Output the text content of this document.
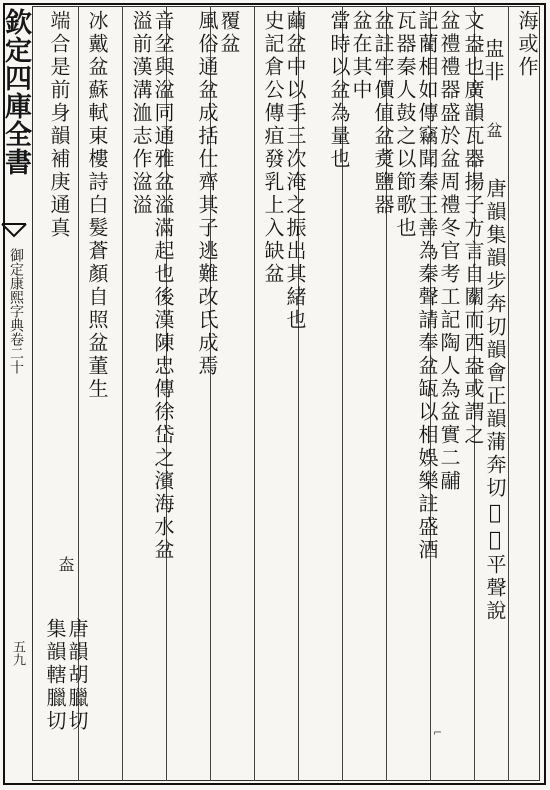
欽定四庫全書
御定康熙字典卷二十
五九
海或作
盅非
唐韻集韻步奔切韻會正韻蒲奔切𡘜𡧍平聲說
文盎也廣韻瓦器揚子方言自關而西盎或謂之 盆
盆禮禮器盛於盆周禮冬官考工記陶人為盆實二鬴
記藺相如傳竊聞秦王善為秦聲請奉盆缻以相娛樂註盛酒
瓦器秦人鼓之以節歌也
盆註牢價值盆煑鹽器
盆在其中
當時以盆為量也
繭盆中以手三次淹之振出其緒也
史記倉公傳疽發乳上入缺盆
覆盆
風俗通盆成括仕齊其子逃難改氏成焉
音坌與湓同通雅盆溢滿起也後漢陳忠傳徐岱之濱海水盆
溢前漢溝洫志作湓溢
冰戴盆蘇軾東樓詩白髮蒼顏自照盆董生
端合是前身韻補庚通真
盇
唐韻胡臘切
集韻轄臘切	⌐
